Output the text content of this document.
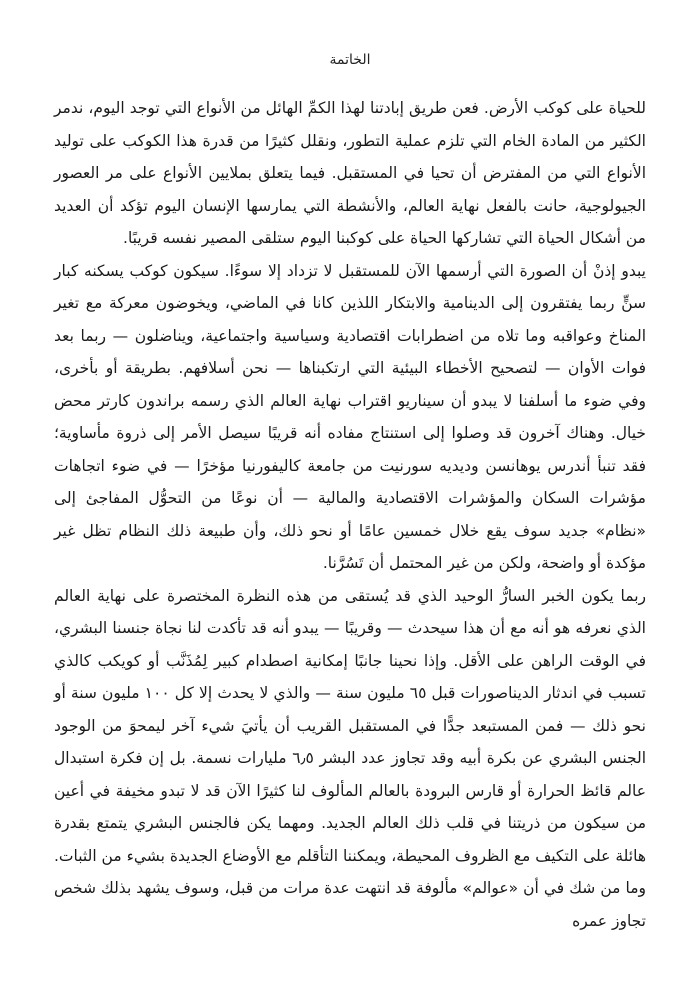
الخاتمة

للحياة على كوكب الأرض. فعن طريق إبادتنا لهذا الكمِّ الهائل من الأنواع التي توجد اليوم، ندمر الكثير من المادة الخام التي تلزم عملية التطور، ونقلل كثيرًا من قدرة هذا الكوكب على توليد الأنواع التي من المفترض أن تحيا في المستقبل. فيما يتعلق بملايين الأنواع على مر العصور الجيولوجية، حانت بالفعل نهاية العالم، والأنشطة التي يمارسها الإنسان اليوم تؤكد أن العديد من أشكال الحياة التي تشاركها الحياة على كوكبنا اليوم ستلقى المصير نفسه قريبًا.

يبدو إذنْ أن الصورة التي أرسمها الآن للمستقبل لا تزداد إلا سوءًا. سيكون كوكب يسكنه كبار سنٍّ ربما يفتقرون إلى الدينامية والابتكار اللذين كانا في الماضي، ويخوضون معركة مع تغير المناخ وعواقبه وما تلاه من اضطرابات اقتصادية وسياسية واجتماعية، ويناضلون — ربما بعد فوات الأوان — لتصحيح الأخطاء البيئية التي ارتكبناها — نحن أسلافهم. بطريقة أو بأخرى، وفي ضوء ما أسلفنا لا يبدو أن سيناريو اقتراب نهاية العالم الذي رسمه براندون كارتر محض خيال. وهناك آخرون قد وصلوا إلى استنتاج مفاده أنه قريبًا سيصل الأمر إلى ذروة مأساوية؛ فقد تنبأ أندرس يوهانسن وديديه سورنيت من جامعة كاليفورنيا مؤخرًا — في ضوء اتجاهات مؤشرات السكان والمؤشرات الاقتصادية والمالية — أن نوعًا من التحوُّل المفاجئ إلى «نظام» جديد سوف يقع خلال خمسين عامًا أو نحو ذلك، وأن طبيعة ذلك النظام تظل غير مؤكدة أو واضحة، ولكن من غير المحتمل أن تَسُرَّنا.

ربما يكون الخبر السارُّ الوحيد الذي قد يُستقى من هذه النظرة المختصرة على نهاية العالم الذي نعرفه هو أنه مع أن هذا سيحدث — وقريبًا — يبدو أنه قد تأكدت لنا نجاة جنسنا البشري، في الوقت الراهن على الأقل. وإذا نحينا جانبًا إمكانية اصطدام كبير لِمُذَنَّب أو كويكب كالذي تسبب في اندثار الديناصورات قبل ٦٥ مليون سنة — والذي لا يحدث إلا كل ١٠٠ مليون سنة أو نحو ذلك — فمن المستبعد جدًّا في المستقبل القريب أن يأتيَ شيء آخر ليمحوَ من الوجود الجنس البشري عن بكرة أبيه وقد تجاوز عدد البشر ٦٫٥ مليارات نسمة. بل إن فكرة استبدال عالم قائظ الحرارة أو قارس البرودة بالعالم المألوف لنا كثيرًا الآن قد لا تبدو مخيفة في أعين من سيكون من ذريتنا في قلب ذلك العالم الجديد. ومهما يكن فالجنس البشري يتمتع بقدرة هائلة على التكيف مع الظروف المحيطة، ويمكننا التأقلم مع الأوضاع الجديدة بشيء من الثبات. وما من شك في أن «عوالم» مألوفة قد انتهت عدة مرات من قبل، وسوف يشهد بذلك شخص تجاوز عمره
